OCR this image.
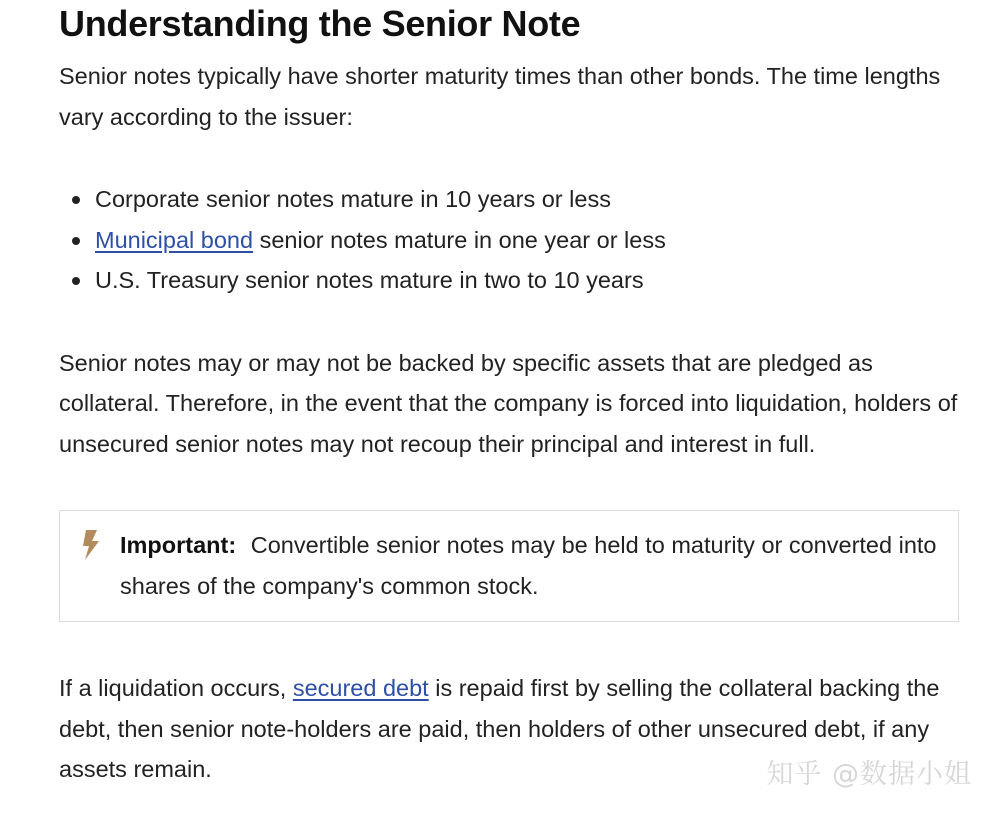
Understanding the Senior Note

Senior notes typically have shorter maturity times than other bonds. The time lengths vary according to the issuer:

Corporate senior notes mature in 10 years or less
Municipal bond senior notes mature in one year or less
U.S. Treasury senior notes mature in two to 10 years

Senior notes may or may not be backed by specific assets that are pledged as collateral. Therefore, in the event that the company is forced into liquidation, holders of unsecured senior notes may not recoup their principal and interest in full.

Important: Convertible senior notes may be held to maturity or converted into shares of the company's common stock.

If a liquidation occurs, secured debt is repaid first by selling the collateral backing the debt, then senior note-holders are paid, then holders of other unsecured debt, if any assets remain.	知乎 @数据小姐
